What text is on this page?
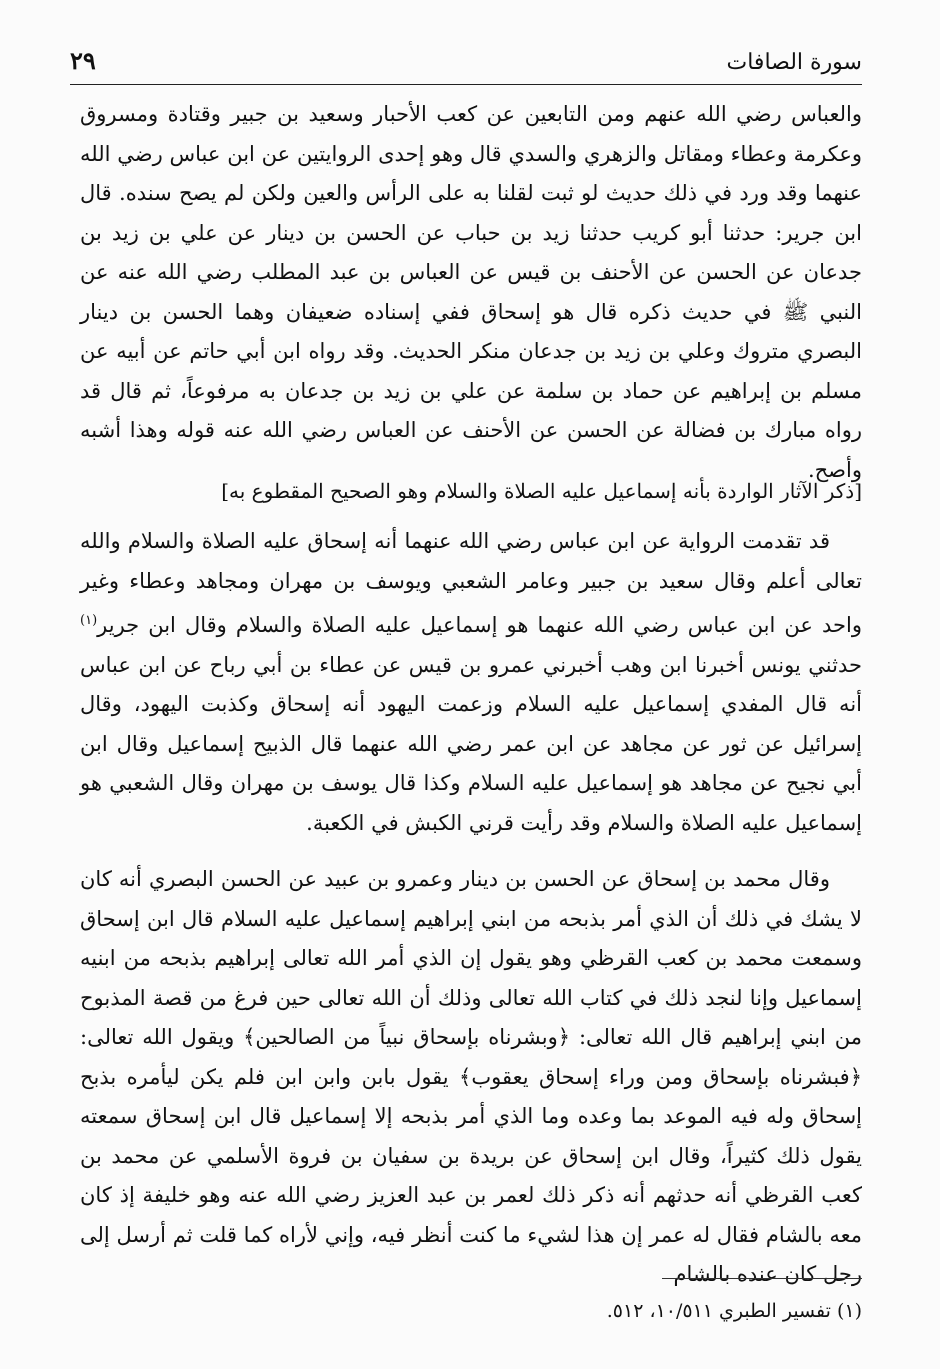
سورة الصافات
٢٩

والعباس رضي الله عنهم ومن التابعين عن كعب الأحبار وسعيد بن جبير وقتادة ومسروق وعكرمة وعطاء ومقاتل والزهري والسدي قال وهو إحدى الروايتين عن ابن عباس رضي الله عنهما وقد ورد في ذلك حديث لو ثبت لقلنا به على الرأس والعين ولكن لم يصح سنده. قال ابن جرير: حدثنا أبو كريب حدثنا زيد بن حباب عن الحسن بن دينار عن علي بن زيد بن جدعان عن الحسن عن الأحنف بن قيس عن العباس بن عبد المطلب رضي الله عنه عن النبي ﷺ في حديث ذكره قال هو إسحاق ففي إسناده ضعيفان وهما الحسن بن دينار البصري متروك وعلي بن زيد بن جدعان منكر الحديث. وقد رواه ابن أبي حاتم عن أبيه عن مسلم بن إبراهيم عن حماد بن سلمة عن علي بن زيد بن جدعان به مرفوعاً، ثم قال قد رواه مبارك بن فضالة عن الحسن عن الأحنف عن العباس رضي الله عنه قوله وهذا أشبه وأصح.

[ذكر الآثار الواردة بأنه إسماعيل عليه الصلاة والسلام وهو الصحيح المقطوع به]

قد تقدمت الرواية عن ابن عباس رضي الله عنهما أنه إسحاق عليه الصلاة والسلام والله تعالى أعلم وقال سعيد بن جبير وعامر الشعبي ويوسف بن مهران ومجاهد وعطاء وغير واحد عن ابن عباس رضي الله عنهما هو إسماعيل عليه الصلاة والسلام وقال ابن جرير$^{(١)}$ حدثني يونس أخبرنا ابن وهب أخبرني عمرو بن قيس عن عطاء بن أبي رباح عن ابن عباس أنه قال المفدي إسماعيل عليه السلام وزعمت اليهود أنه إسحاق وكذبت اليهود، وقال إسرائيل عن ثور عن مجاهد عن ابن عمر رضي الله عنهما قال الذبيح إسماعيل وقال ابن أبي نجيح عن مجاهد هو إسماعيل عليه السلام وكذا قال يوسف بن مهران وقال الشعبي هو إسماعيل عليه الصلاة والسلام وقد رأيت قرني الكبش في الكعبة.

وقال محمد بن إسحاق عن الحسن بن دينار وعمرو بن عبيد عن الحسن البصري أنه كان لا يشك في ذلك أن الذي أمر بذبحه من ابني إبراهيم إسماعيل عليه السلام قال ابن إسحاق وسمعت محمد بن كعب القرظي وهو يقول إن الذي أمر الله تعالى إبراهيم بذبحه من ابنيه إسماعيل وإنا لنجد ذلك في كتاب الله تعالى وذلك أن الله تعالى حين فرغ من قصة المذبوح من ابني إبراهيم قال الله تعالى: ﴿وبشرناه بإسحاق نبياً من الصالحين﴾ ويقول الله تعالى: ﴿فبشرناه بإسحاق ومن وراء إسحاق يعقوب﴾ يقول بابن وابن ابن فلم يكن ليأمره بذبح إسحاق وله فيه الموعد بما وعده وما الذي أمر بذبحه إلا إسماعيل قال ابن إسحاق سمعته يقول ذلك كثيراً، وقال ابن إسحاق عن بريدة بن سفيان بن فروة الأسلمي عن محمد بن كعب القرظي أنه حدثهم أنه ذكر ذلك لعمر بن عبد العزيز رضي الله عنه وهو خليفة إذ كان معه بالشام فقال له عمر إن هذا لشيء ما كنت أنظر فيه، وإني لأراه كما قلت ثم أرسل إلى رجل كان عنده بالشام

(١) تفسير الطبري ١٠/٥١١، ٥١٢.
